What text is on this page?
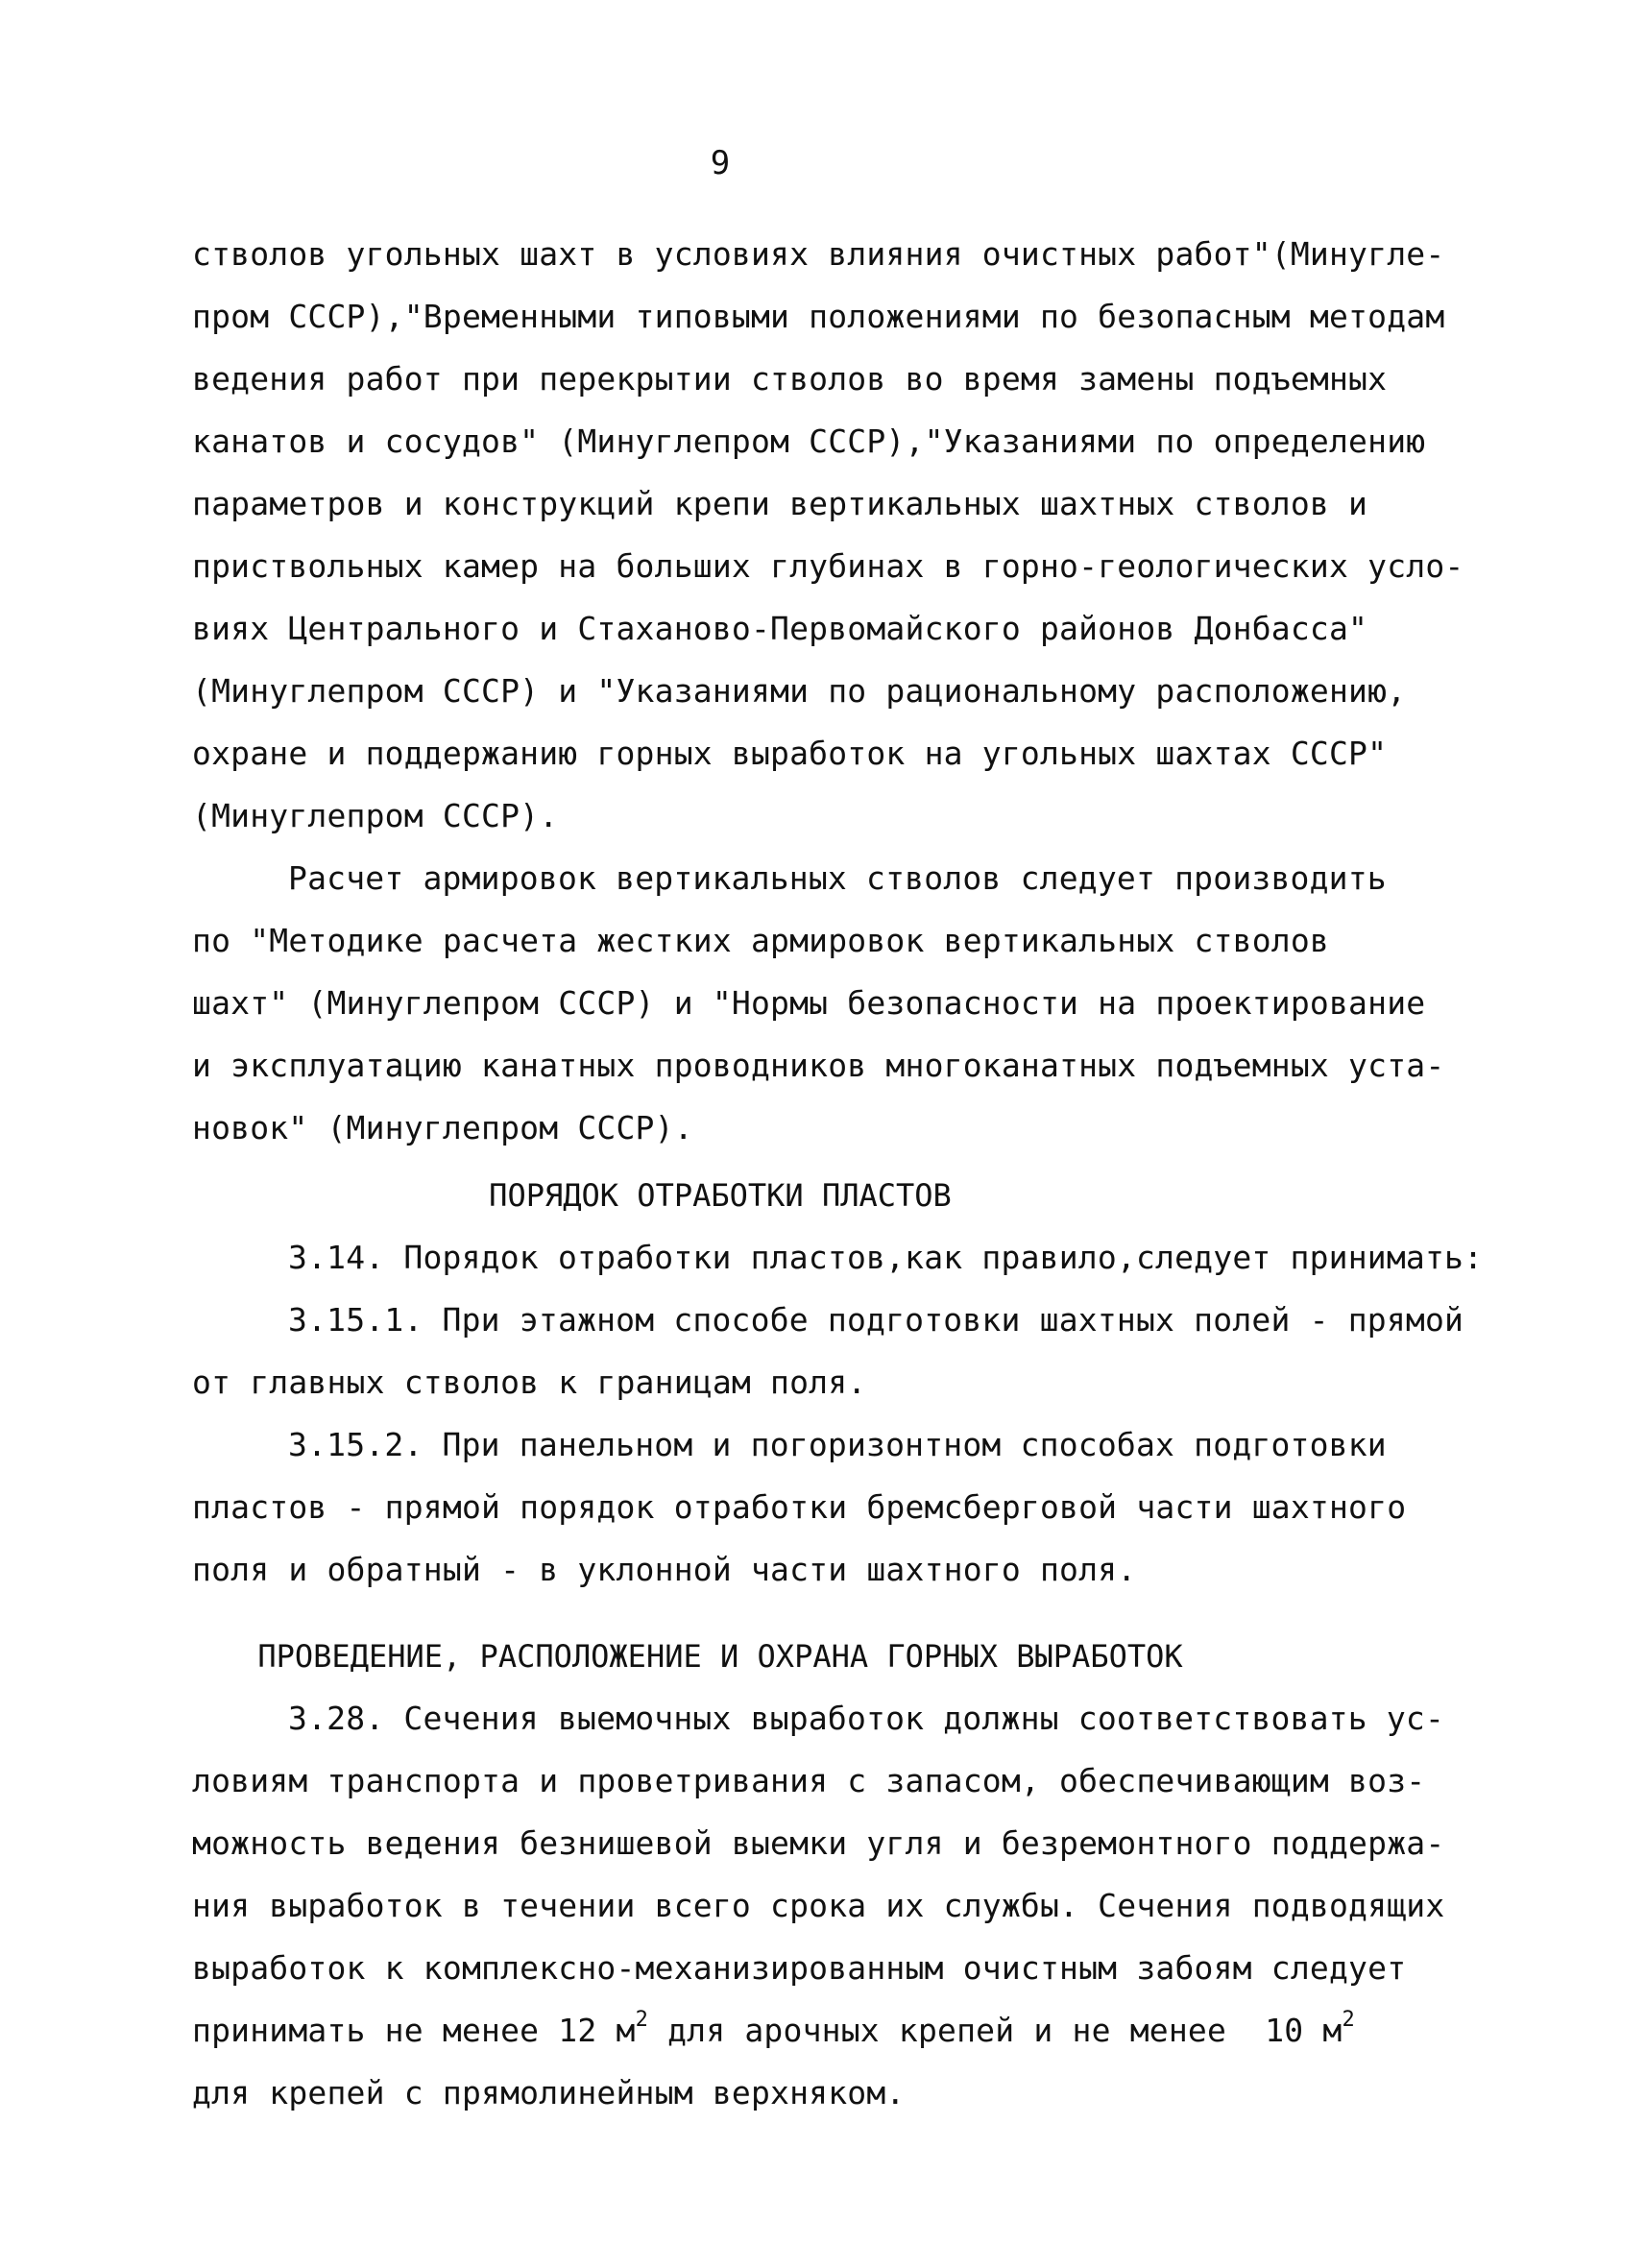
9
стволов угольных шахт в условиях влияния очистных работ"(Минугле-
пром СССР),"Временными типовыми положениями по безопасным методам
ведения работ при перекрытии стволов во время замены подъемных
канатов и сосудов" (Минуглепром СССР),"Указаниями по определению
параметров и конструкций крепи вертикальных шахтных стволов и
приствольных камер на больших глубинах в горно-геологических усло-
виях Центрального и Стаханово-Первомайского районов Донбасса"
(Минуглепром СССР) и "Указаниями по рациональному расположению,
охране и поддержанию горных выработок на угольных шахтах СССР"
(Минуглепром СССР).
Расчет армировок вертикальных стволов следует производить
по "Методике расчета жестких армировок вертикальных стволов
шахт" (Минуглепром СССР) и "Нормы безопасности на проектирование
и эксплуатацию канатных проводников многоканатных подъемных уста-
новок" (Минуглепром СССР).
ПОРЯДОК ОТРАБОТКИ ПЛАСТОВ
3.14. Порядок отработки пластов,как правило,следует принимать:
3.15.1. При этажном способе подготовки шахтных полей - прямой
от главных стволов к границам поля.
3.15.2. При панельном и погоризонтном способах подготовки
пластов - прямой порядок отработки бремсберговой части шахтного
поля и обратный - в уклонной части шахтного поля.
ПРОВЕДЕНИЕ, РАСПОЛОЖЕНИЕ И ОХРАНА ГОРНЫХ ВЫРАБОТОК
3.28. Сечения выемочных выработок должны соответствовать ус-
ловиям транспорта и проветривания с запасом, обеспечивающим воз-
можность ведения безнишевой выемки угля и безремонтного поддержа-
ния выработок в течении всего срока их службы. Сечения подводящих
выработок к комплексно-механизированным очистным забоям следует
принимать не менее 12 $м^2$ для арочных крепей и не менее  10 $м^2$
для крепей с прямолинейным верхняком.
